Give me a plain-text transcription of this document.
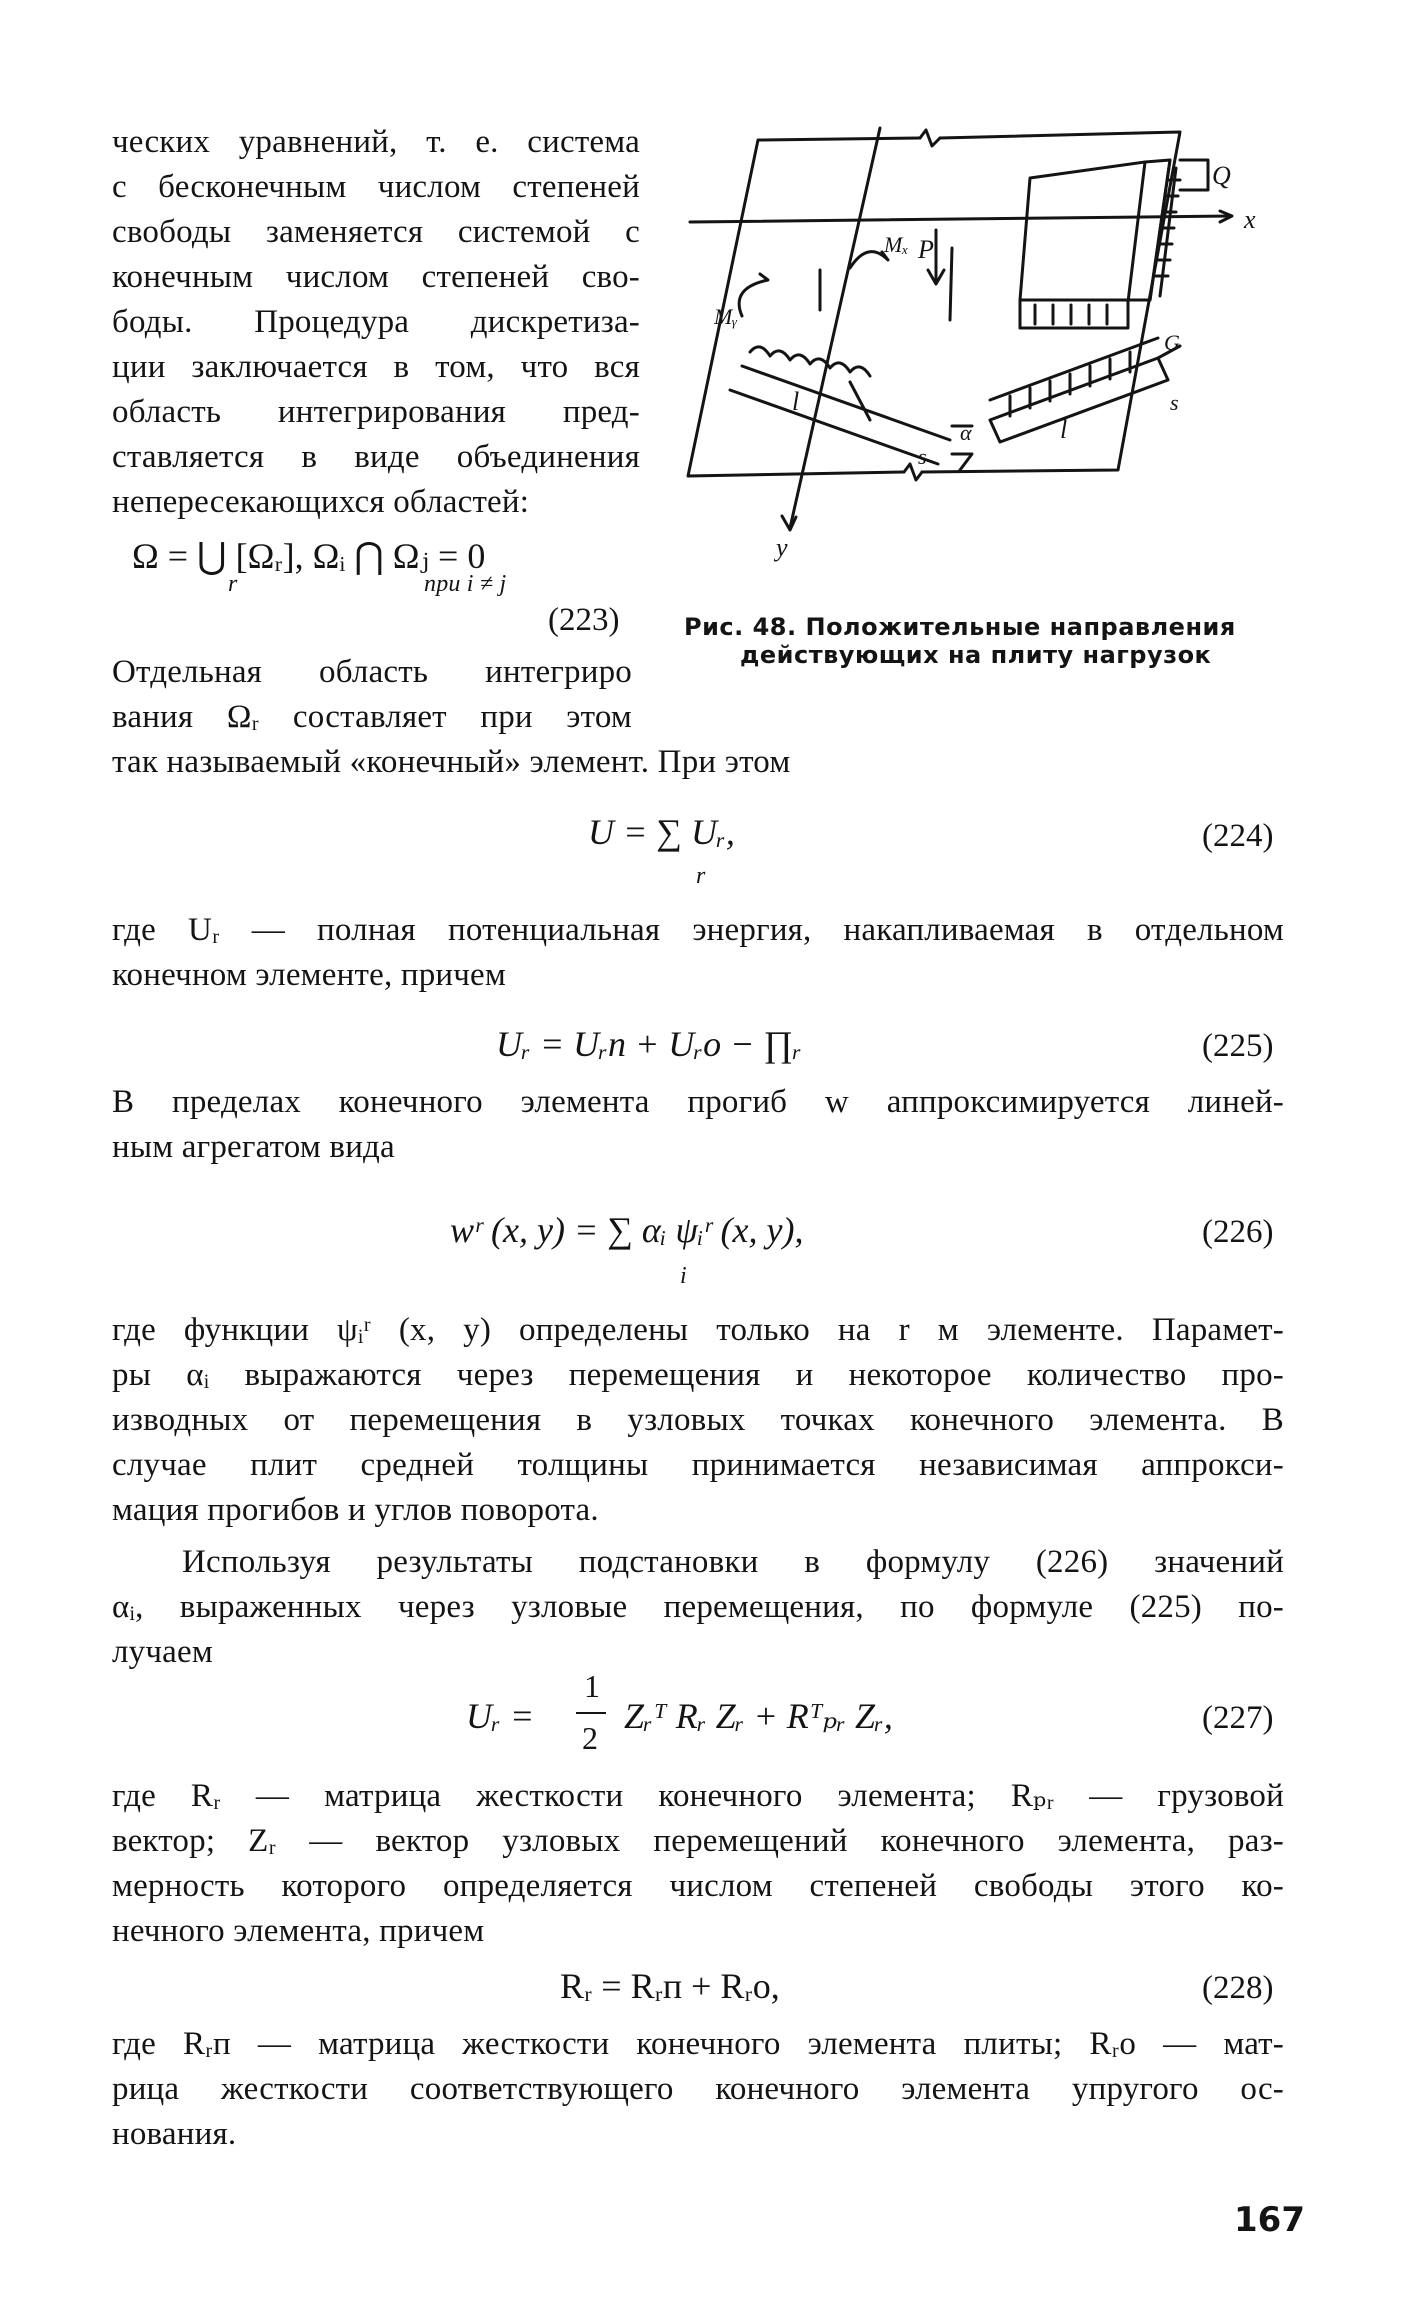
ческих уравнений, т. е. система
с бесконечным числом степеней
свободы заменяется системой с
конечным числом степеней сво-
боды. Процедура дискретиза-
ции заключается в том, что вся
область интегрирования пред-
ставляется в виде объединения
непересекающихся областей:
Ω = ⋃ [Ωᵣ], Ωᵢ ⋂ Ωⱼ = 0
r	при i ≠ j
(223)
Отдельная область интегриро
вания Ωᵣ составляет при этом
так называемый «конечный» элемент. При этом
Q
x
y
P
Mₓ
Mᵧ
l
l
G
s
s
α
Рис. 48. Положительные направления
действующих на плиту нагрузок
U = ∑ Uᵣ,
r
(224)
где Uᵣ — полная потенциальная энергия, накапливаемая в отдельном
конечном элементе, причем
Uᵣ = Uᵣп + Uᵣо − ∏ᵣ	(225)
В пределах конечного элемента прогиб w аппроксимируется линей-
ным агрегатом вида
wʳ (x, y) = ∑ αᵢ ψᵢʳ (x, y),
i
(226)
где функции ψᵢʳ (x, y) определены только на r м элементе. Парамет-
ры αᵢ выражаются через перемещения и некоторое количество про-
изводных от перемещения в узловых точках конечного элемента. В
случае плит средней толщины принимается независимая аппрокси-
мация прогибов и углов поворота.
Используя результаты подстановки в формулу (226) значений
αᵢ, выраженных через узловые перемещения, по формуле (225) по-
лучаем
Uᵣ =
1
2
Zᵣᵀ Rᵣ Zᵣ + Rᵀₚᵣ Zᵣ,	(227)
где Rᵣ — матрица жесткости конечного элемента; Rₚᵣ — грузовой
вектор; Zᵣ — вектор узловых перемещений конечного элемента, раз-
мерность которого определяется числом степеней свободы этого ко-
нечного элемента, причем
Rᵣ = Rᵣп + Rᵣо,	(228)
где Rᵣп — матрица жесткости конечного элемента плиты; Rᵣо — мат-
рица жесткости соответствующего конечного элемента упругого ос-
нования.
167
